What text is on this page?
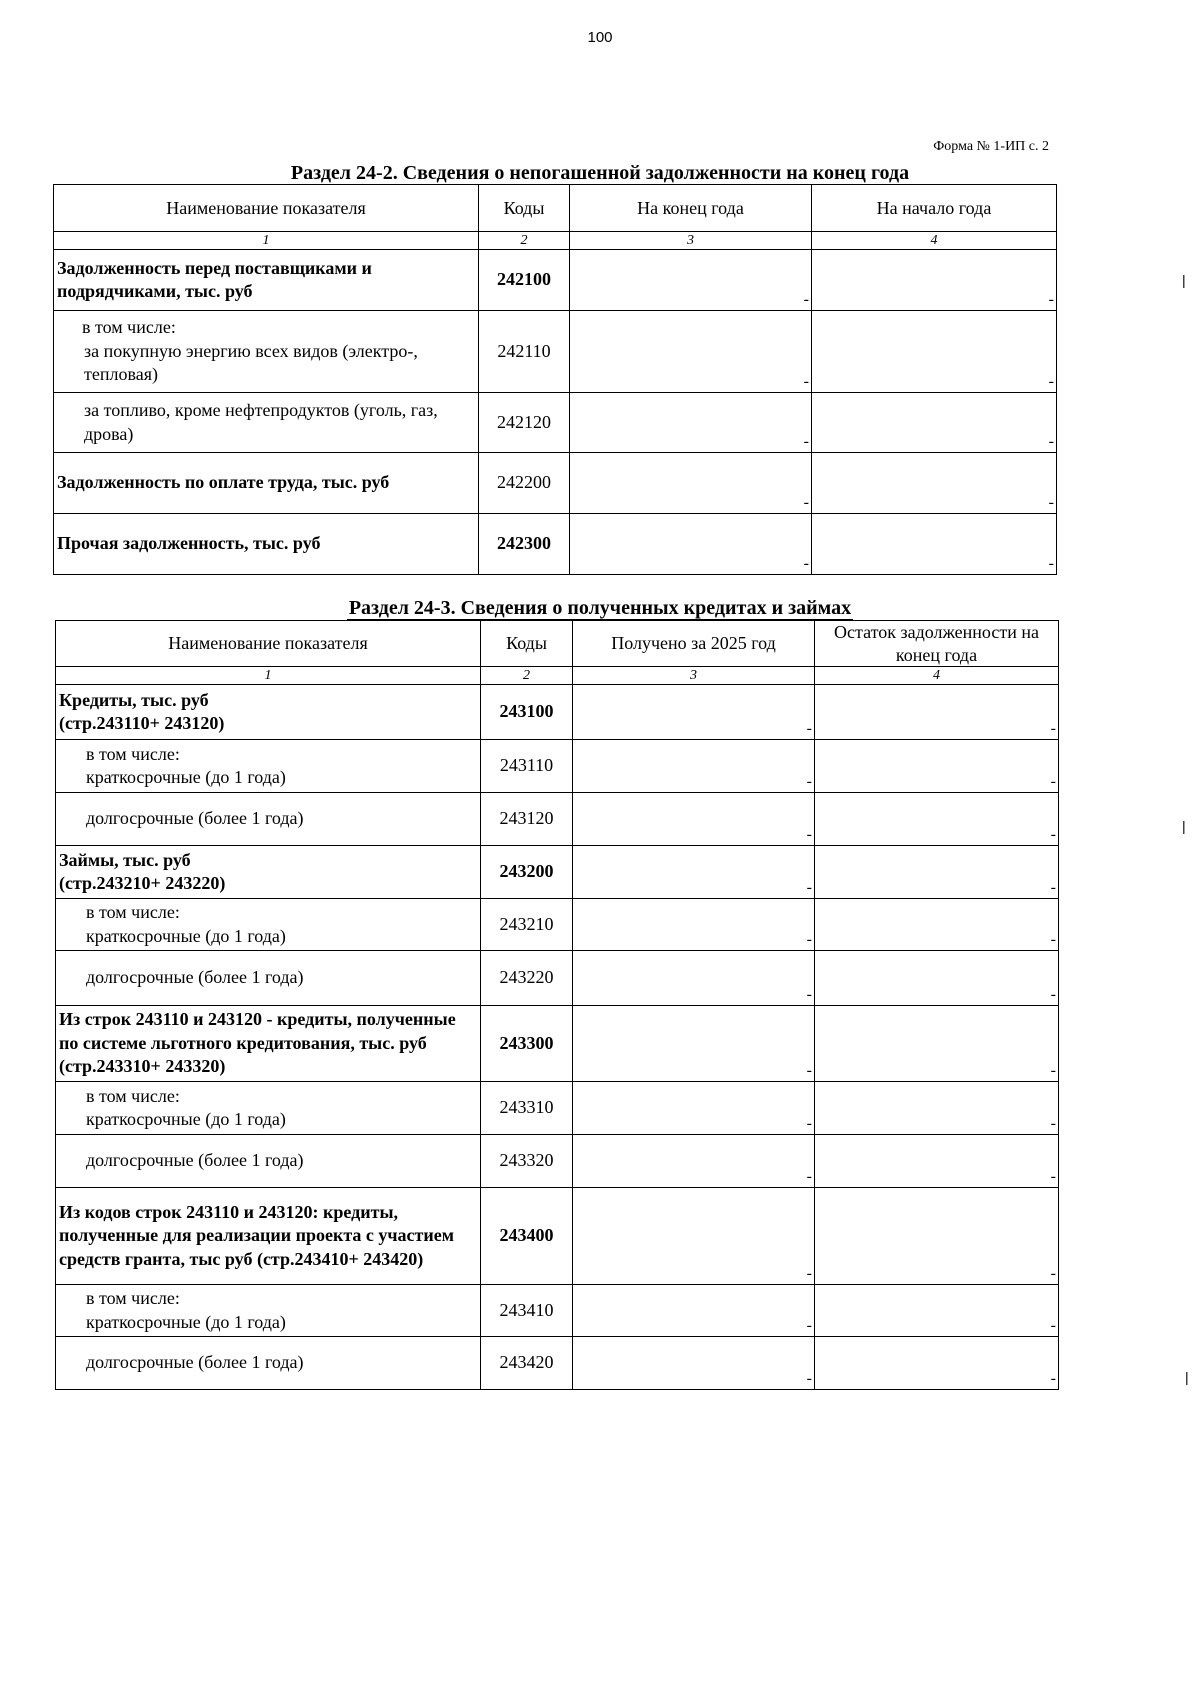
100
Форма № 1-ИП с. 2
Раздел 24-2. Сведения о непогашенной задолженности на конец года
Наименование показателя	Коды	На конец года	На начало года
1	2	3	4
Задолженность перед поставщиками и подрядчиками, тыс. руб	242100	-	-

в том числе:
за покупную энергию всех видов (электро-, тепловая)	242110	-	-

за топливо, кроме нефтепродуктов (уголь, газ, дрова)	242120	-	-

Задолженность по оплате труда, тыс. руб	242200	-	-

Прочая задолженность, тыс. руб	242300	-	-
Раздел 24-3. Сведения о полученных кредитах и займах
Наименование показателя	Коды	Получено за 2025 год	Остаток задолженности на конец года
1	2	3	4

Кредиты, тыс. руб
(стр.243110+ 243120)	243100	-	-

в том числе:
краткосрочные (до 1 года)	243110	-	-

долгосрочные (более 1 года)	243120	-	-

Займы, тыс. руб
(стр.243210+ 243220)	243200	-	-

в том числе:
краткосрочные (до 1 года)	243210	-	-

долгосрочные (более 1 года)	243220	-	-

Из строк 243110 и 243120 - кредиты, полученные по системе льготного кредитования, тыс. руб (стр.243310+ 243320)	243300	-	-

в том числе:
краткосрочные (до 1 года)	243310	-	-

долгосрочные (более 1 года)	243320	-	-

Из кодов строк 243110 и 243120: кредиты, полученные для реализации проекта с участием средств гранта, тыс руб (стр.243410+ 243420)	243400	-	-

в том числе:
краткосрочные (до 1 года)	243410	-	-

долгосрочные (более 1 года)	243420	-	-
|
|
|
